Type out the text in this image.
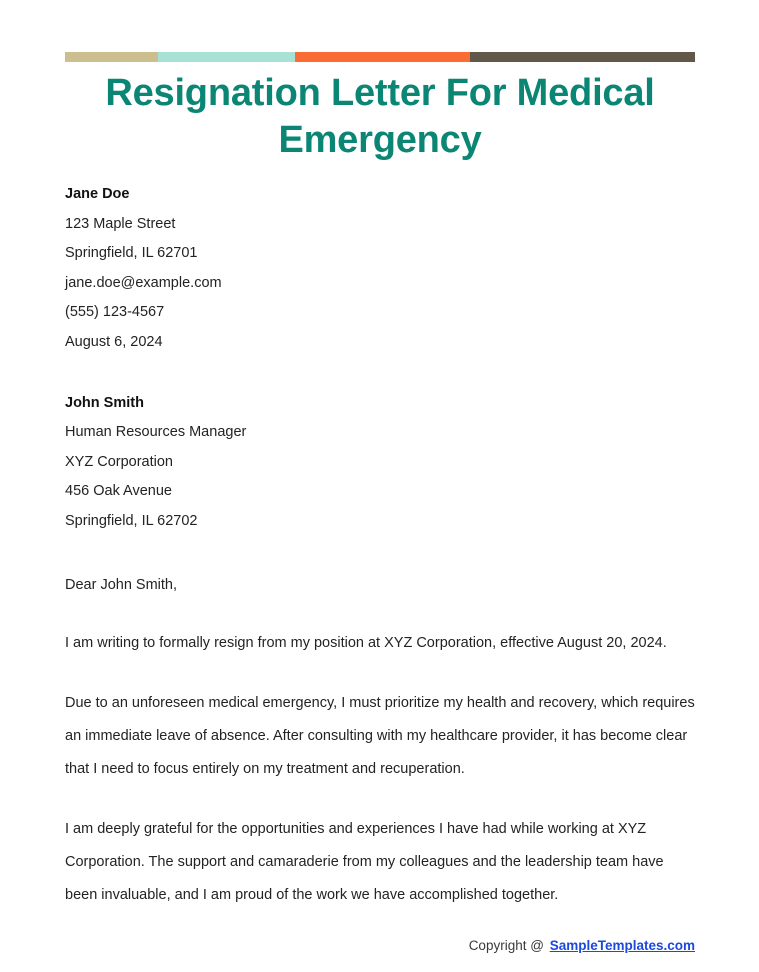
Resignation Letter For Medical Emergency
Jane Doe
123 Maple Street
Springfield, IL 62701
jane.doe@example.com
(555) 123-4567
August 6, 2024
John Smith
Human Resources Manager
XYZ Corporation
456 Oak Avenue
Springfield, IL 62702
Dear John Smith,

I am writing to formally resign from my position at XYZ Corporation, effective August 20, 2024.

Due to an unforeseen medical emergency, I must prioritize my health and recovery, which requires an immediate leave of absence. After consulting with my healthcare provider, it has become clear that I need to focus entirely on my treatment and recuperation.

I am deeply grateful for the opportunities and experiences I have had while working at XYZ Corporation. The support and camaraderie from my colleagues and the leadership team have been invaluable, and I am proud of the work we have accomplished together.

Copyright @ SampleTemplates.com
